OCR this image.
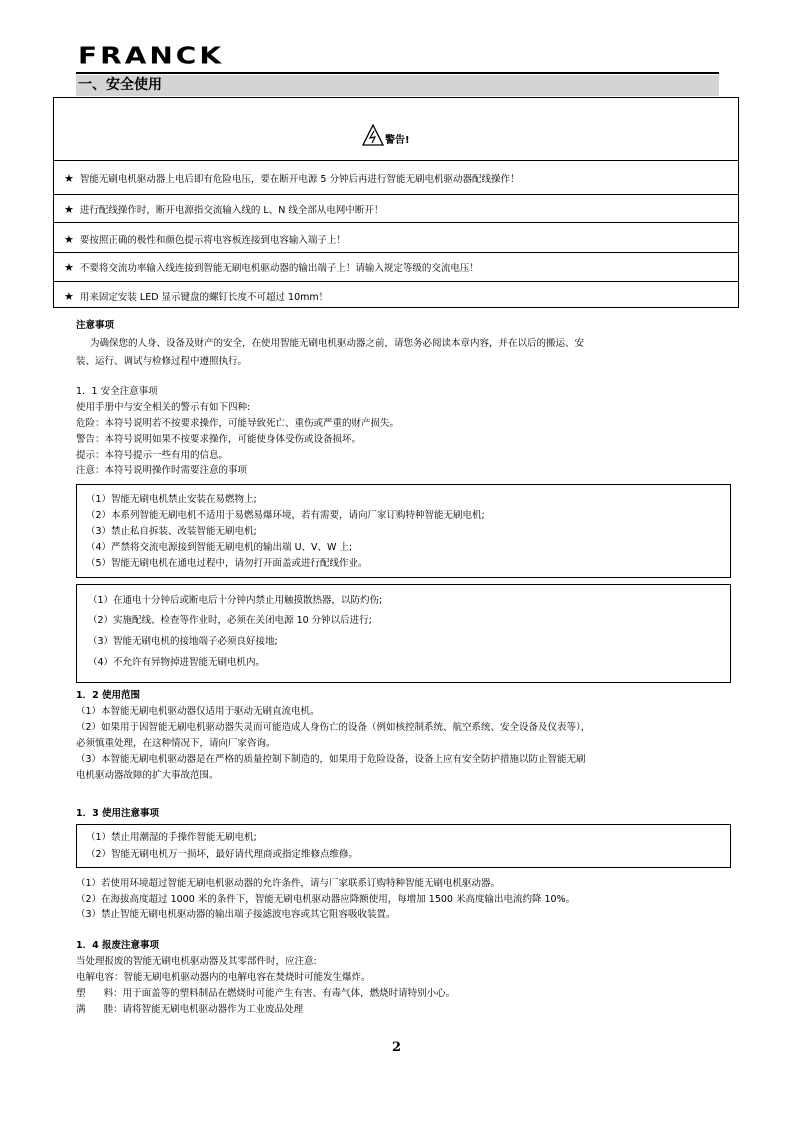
FRANCK
一、安全使用
警告!
★ 智能无刷电机驱动器上电后即有危险电压，要在断开电源 5 分钟后再进行智能无刷电机驱动器配线操作！
★ 进行配线操作时，断开电源指交流输入线的 L、N 线全部从电网中断开！
★ 要按照正确的极性和颜色提示将电容板连接到电容输入端子上！
★ 不要将交流功率输入线连接到智能无刷电机驱动器的输出端子上！请输入规定等级的交流电压！
★ 用来固定安装 LED 显示键盘的螺钉长度不可超过 10mm！
注意事项
为确保您的人身、设备及财产的安全，在使用智能无刷电机驱动器之前，请您务必阅读本章内容，并在以后的搬运、安
装、运行、调试与检修过程中遵照执行。
1．1 安全注意事项
使用手册中与安全相关的警示有如下四种:
危险：本符号说明若不按要求操作，可能导致死亡、重伤或严重的财产损失。
警告：本符号说明如果不按要求操作，可能使身体受伤或设备损坏。
提示：本符号提示一些有用的信息。
注意：本符号说明操作时需要注意的事项
（1）智能无刷电机禁止安装在易燃物上;
（2）本系列智能无刷电机不适用于易燃易爆环境，若有需要，请向厂家订购特种智能无刷电机;
（3）禁止私自拆装、改装智能无刷电机;
（4）严禁将交流电源接到智能无刷电机的输出端 U、V、W 上;
（5）智能无刷电机在通电过程中，请勿打开面盖或进行配线作业。
（1）在通电十分钟后或断电后十分钟内禁止用触摸散热器，以防灼伤;
（2）实施配线、检查等作业时，必须在关闭电源 10 分钟以后进行;
（3）智能无刷电机的接地端子必须良好接地;
（4）不允许有异物掉进智能无刷电机内。
1．2 使用范围
（1）本智能无刷电机驱动器仅适用于驱动无刷直流电机。
（2）如果用于因智能无刷电机驱动器失灵而可能造成人身伤亡的设备（例如核控制系统、航空系统、安全设备及仪表等），
必须慎重处理，在这种情况下，请向厂家咨询。
（3）本智能无刷电机驱动器是在严格的质量控制下制造的，如果用于危险设备，设备上应有安全防护措施以防止智能无刷
电机驱动器故障的扩大事故范围。
1．3 使用注意事项
（1）禁止用潮湿的手操作智能无刷电机;
（2）智能无刷电机万一损坏，最好请代理商或指定维修点维修。
（1）若使用环境超过智能无刷电机驱动器的允许条件，请与厂家联系订购特种智能无刷电机驱动器。
（2）在海拔高度超过 1000 米的条件下，智能无刷电机驱动器应降额使用，每增加 1500 米高度输出电流约降 10%。
（3）禁止智能无刷电机驱动器的输出端子接滤波电容或其它阻容吸收装置。
1．4 报废注意事项
当处理报废的智能无刷电机驱动器及其零部件时，应注意:
电解电容：智能无刷电机驱动器内的电解电容在焚烧时可能发生爆炸。
塑      料：用于面盖等的塑料制品在燃烧时可能产生有害、有毒气体，燃烧时请特别小心。
满      塍：请将智能无刷电机驱动器作为工业废品处理
2
